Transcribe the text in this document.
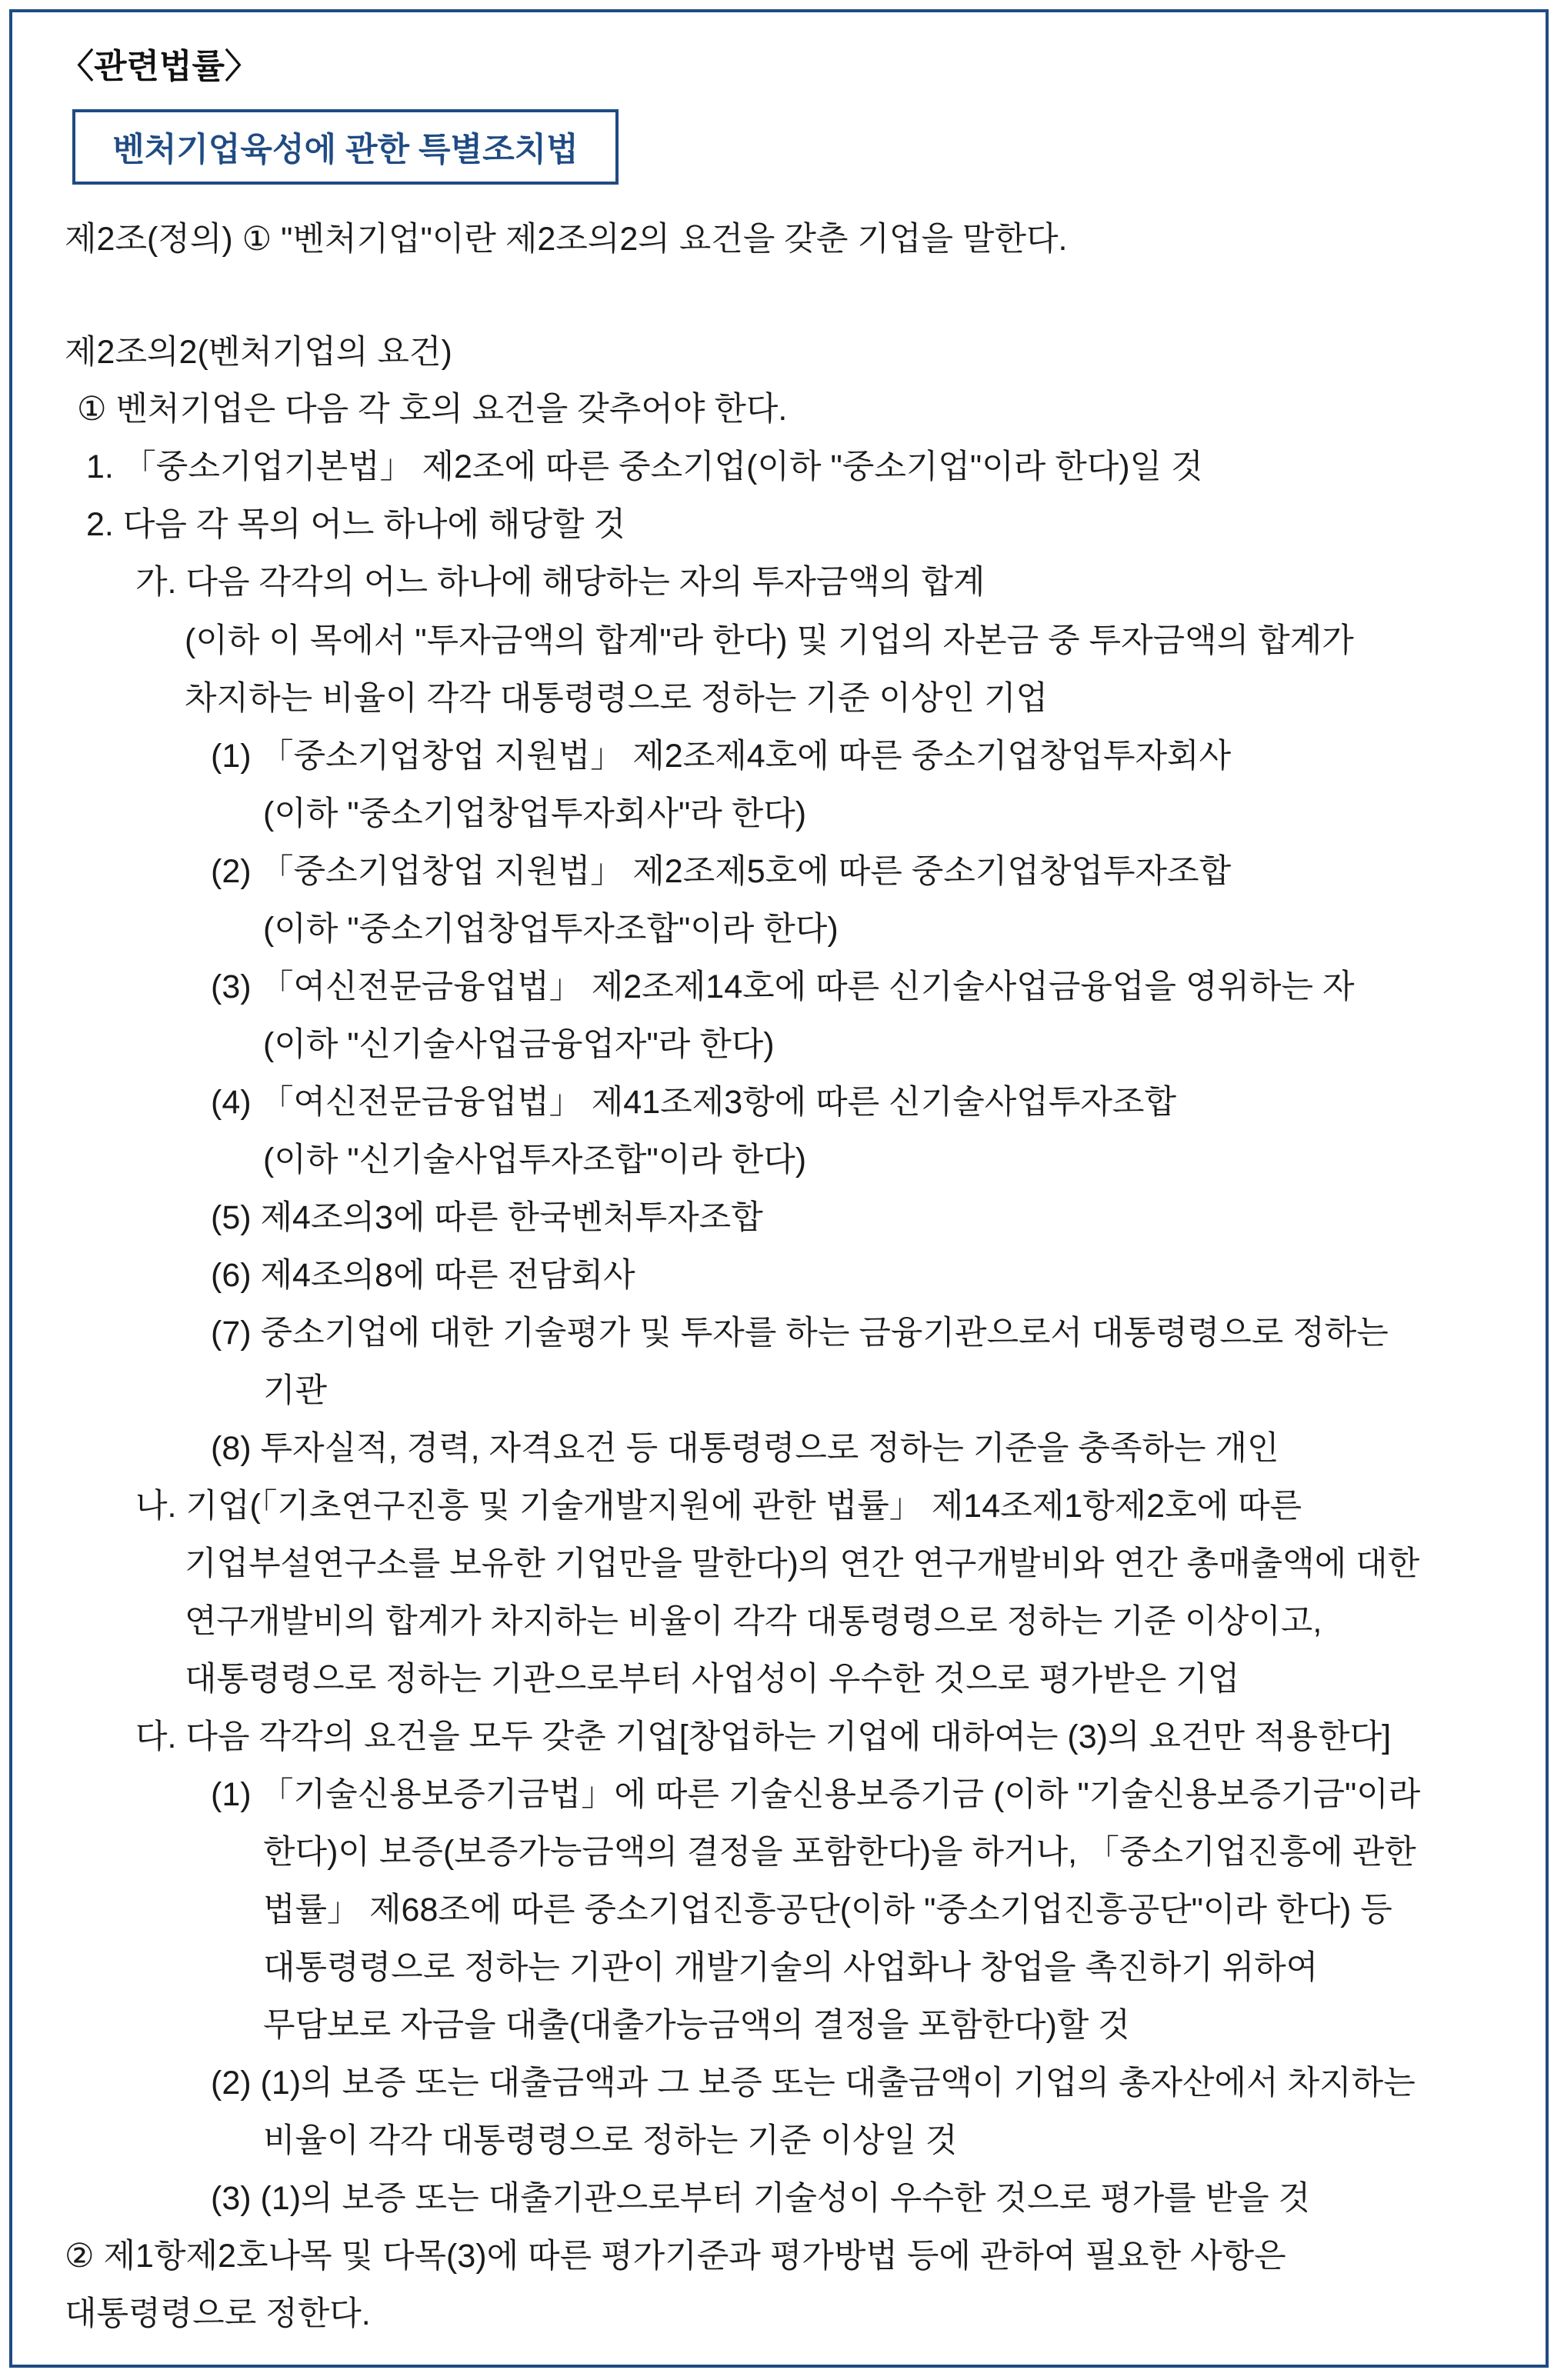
〈관련법률〉
벤처기업육성에 관한 특별조치법

제2조(정의) ① "벤처기업"이란 제2조의2의 요건을 갖춘 기업을 말한다.

제2조의2(벤처기업의 요건)

① 벤처기업은 다음 각 호의 요건을 갖추어야 한다.

1. 「중소기업기본법」 제2조에 따른 중소기업(이하 "중소기업"이라 한다)일 것

2. 다음 각 목의 어느 하나에 해당할 것

가. 다음 각각의 어느 하나에 해당하는 자의 투자금액의 합계

(이하 이 목에서 "투자금액의 합계"라 한다) 및 기업의 자본금 중 투자금액의 합계가

차지하는 비율이 각각 대통령령으로 정하는 기준 이상인 기업

(1) 「중소기업창업 지원법」 제2조제4호에 따른 중소기업창업투자회사

(이하 "중소기업창업투자회사"라 한다)

(2) 「중소기업창업 지원법」 제2조제5호에 따른 중소기업창업투자조합

(이하 "중소기업창업투자조합"이라 한다)

(3) 「여신전문금융업법」 제2조제14호에 따른 신기술사업금융업을 영위하는 자

(이하 "신기술사업금융업자"라 한다)

(4) 「여신전문금융업법」 제41조제3항에 따른 신기술사업투자조합

(이하 "신기술사업투자조합"이라 한다)

(5) 제4조의3에 따른 한국벤처투자조합

(6) 제4조의8에 따른 전담회사

(7) 중소기업에 대한 기술평가 및 투자를 하는 금융기관으로서 대통령령으로 정하는

기관

(8) 투자실적, 경력, 자격요건 등 대통령령으로 정하는 기준을 충족하는 개인

나. 기업(「기초연구진흥 및 기술개발지원에 관한 법률」 제14조제1항제2호에 따른

기업부설연구소를 보유한 기업만을 말한다)의 연간 연구개발비와 연간 총매출액에 대한

연구개발비의 합계가 차지하는 비율이 각각 대통령령으로 정하는 기준 이상이고,

대통령령으로 정하는 기관으로부터 사업성이 우수한 것으로 평가받은 기업

다. 다음 각각의 요건을 모두 갖춘 기업[창업하는 기업에 대하여는 (3)의 요건만 적용한다]

(1) 「기술신용보증기금법」에 따른 기술신용보증기금 (이하 "기술신용보증기금"이라

한다)이 보증(보증가능금액의 결정을 포함한다)을 하거나, 「중소기업진흥에 관한

법률」 제68조에 따른 중소기업진흥공단(이하 "중소기업진흥공단"이라 한다) 등

대통령령으로 정하는 기관이 개발기술의 사업화나 창업을 촉진하기 위하여

무담보로 자금을 대출(대출가능금액의 결정을 포함한다)할 것

(2) (1)의 보증 또는 대출금액과 그 보증 또는 대출금액이 기업의 총자산에서 차지하는

비율이 각각 대통령령으로 정하는 기준 이상일 것

(3) (1)의 보증 또는 대출기관으로부터 기술성이 우수한 것으로 평가를 받을 것

② 제1항제2호나목 및 다목(3)에 따른 평가기준과 평가방법 등에 관하여 필요한 사항은

대통령령으로 정한다.
